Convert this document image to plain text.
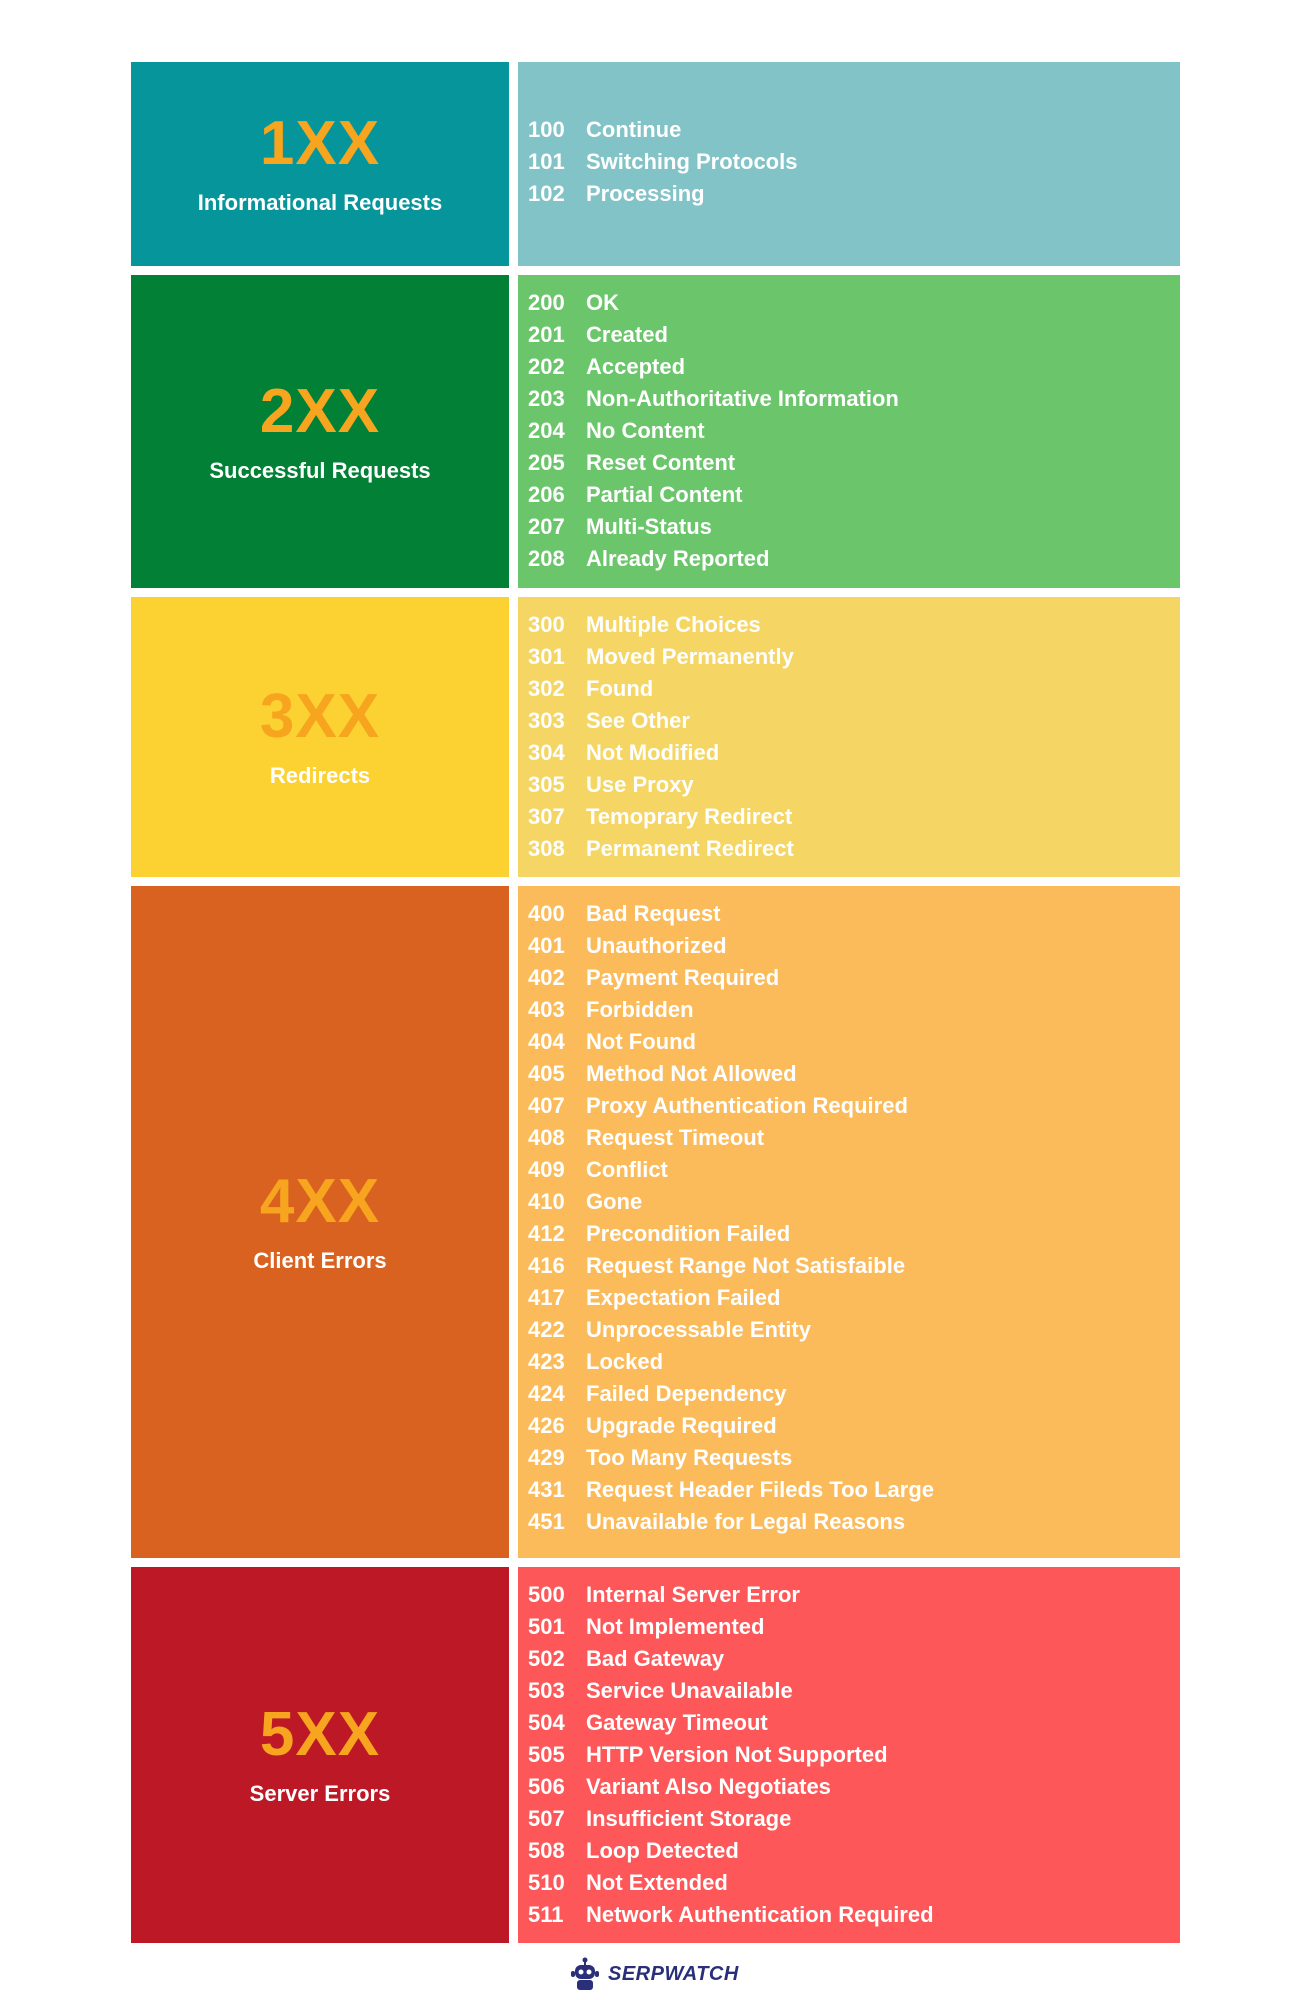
1XX
Informational Requests
100 Continue
101 Switching Protocols
102 Processing
2XX
Successful Requests
200 OK
201 Created
202 Accepted
203 Non-Authoritative Information
204 No Content
205 Reset Content
206 Partial Content
207 Multi-Status
208 Already Reported
3XX
Redirects
300 Multiple Choices
301 Moved Permanently
302 Found
303 See Other
304 Not Modified
305 Use Proxy
307 Temoprary Redirect
308 Permanent Redirect
4XX
Client Errors
400 Bad Request
401 Unauthorized
402 Payment Required
403 Forbidden
404 Not Found
405 Method Not Allowed
407 Proxy Authentication Required
408 Request Timeout
409 Conflict
410 Gone
412 Precondition Failed
416 Request Range Not Satisfaible
417 Expectation Failed
422 Unprocessable Entity
423 Locked
424 Failed Dependency
426 Upgrade Required
429 Too Many Requests
431 Request Header Fileds Too Large
451 Unavailable for Legal Reasons
5XX
Server Errors
500 Internal Server Error
501 Not Implemented
502 Bad Gateway
503 Service Unavailable
504 Gateway Timeout
505 HTTP Version Not Supported
506 Variant Also Negotiates
507 Insufficient Storage
508 Loop Detected
510 Not Extended
511	Network Authentication Required
SERPWATCH
